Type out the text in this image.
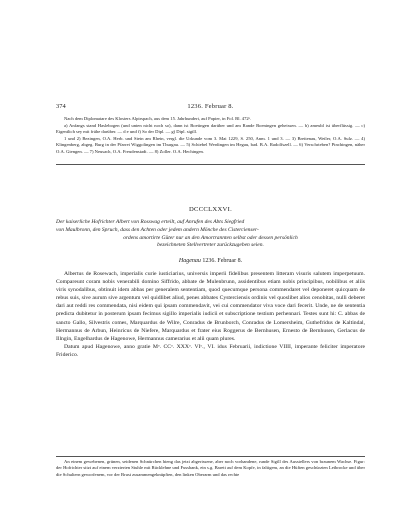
374	1236. Februar 8.

Nach dem Diplomatare des Klosters Alpirspach, aus dem 15. Jahrhundert, auf Papier, in Fol. Bl. 472ᵃ.

a) Anfangs stand Haslebogen (und unten nicht noch so), dann ist Boetingen darüber und am Rande Boeningen geheissen. — b) ameubl ist überflüssig. — c) Eigentlich sey mit frühe darüber. — d e und f) So der Dipl. — g) Dipl. sigill.

1 und 2) Bezingen, O.A. Herb. und Stein am Rhein, vergl. die Urkunde vom 3. Mai 1229, S. 250, Anm. 1 und 3. — 3) Breitenau, Weiler, O.A. Sulz. — 4) Klingenberg, abgeg. Burg in der Pfarrei Wiggolingen im Thurgau. — 5) Schiebel Werdingen im Hegau, bad. B.A. Radolfszell. — 6) Verschrieben? Pinchingen, näher O.A. Giengen. — 7) Neusach, O.A. Freudenstadt. — 8) Zoller. O.A. Hechingen.

DCCCLXXVI.

Der kaiserliche Hofrichter Albert von Rosswag erteilt, auf Anrufen des Abts Siegfried

von Maulbronn, den Spruch, dass den Achten oder jedem andern Mönche des Cistercienser-

ordens amortirte Güter nur an den Amortrannten selbst oder dessen persönlich

bezeichneten Stellvertreter zurückzugeben seien.

Hagenau 1236. Februar 8.

Albertus de Rosewach, imperialis curie iusticiarius, universis imperii fidelibus presentem litteram visuris salutem imperpetuum. Compareunt coram nobis venerabili domino Siffrido, abbate de Mulenbrunn, assidentibus etiam nobis principibus, nobilibus et aliis viris synodalibus, obtinuit idem abbas per generalem sententiam, quod quecumque persona commendaret vel deponeret quicquam de rebus suis, sive aurum sive argentum vel quidlibet aliud, penes abbates Cysterciensis ordinis vel quoslibet alios cenobitas, nulli deberet dari aut reddi res commendata, nisi eidem qui ipsam commendavit, vei cui commendator viva voce dari fecerit. Unde, ne de sententia predicta dubitetur in posterum ipsam fecimus sigillo imperialis iudicii et subscriptione testium perhennari. Testes sunt hi: C. abbas de sancto Gallo, Silvestris comes, Marquardus de Wilre, Conradus de Brunborch, Conradus de Lomersheim, Guthefridus de Kaltindal, Hermannus de Arbun, Heinricus de Niefere, Marquardus et frater eius Roggerus de Bernhusen, Ernesto de Bernhusen, Gerlacus de Illngin, Engelhardus de Hagenowe, Hermannus camerarius et alii quam plures.

Datum apud Hagenowe, anno gratie Mᵒ. CCᵒ. XXXᵒ. VIᵒ., VI. idus Februarii, indictione VIIII, imperante feliciter imperatore Friderico.

An einem gewebenen, grünen, seidenen Schnürchen hieng das jetzt abgerissene, aber noch vorhandene, runde Sigill des Ausstellers von braunem Wachse. Figur: der Hofrichter sitzt auf einem verzierten Stuhle mit Rücklehne und Fussbank, ein s.g. Barett auf dem Kopfe, in faltigem, an die Hüften geschürzten Leibrocke und über die Schultern geworfenem, vor der Brust zusammengeknüpften, den linken Oberarm und das rechte
